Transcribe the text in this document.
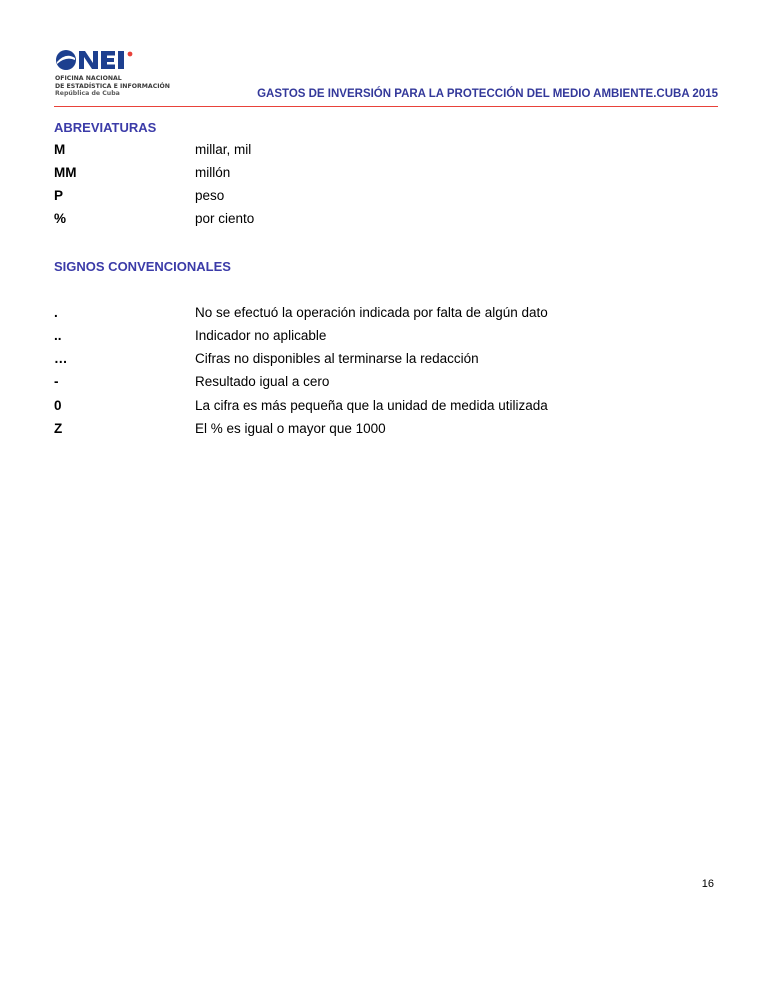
OFICINA NACIONAL
DE ESTADÍSTICA E INFORMACIÓN
República de Cuba	GASTOS DE INVERSIÓN PARA LA PROTECCIÓN DEL MEDIO AMBIENTE.CUBA 2015
ABREVIATURAS
M	millar, mil
MM	millón
P	peso
%	por ciento
SIGNOS CONVENCIONALES
.	No se efectuó la operación indicada por falta de algún dato
..	Indicador no aplicable
…	Cifras no disponibles al terminarse la redacción
-	Resultado igual a cero
0	La cifra es más pequeña que la unidad de medida utilizada
Z	El % es igual o mayor que 1000
16
